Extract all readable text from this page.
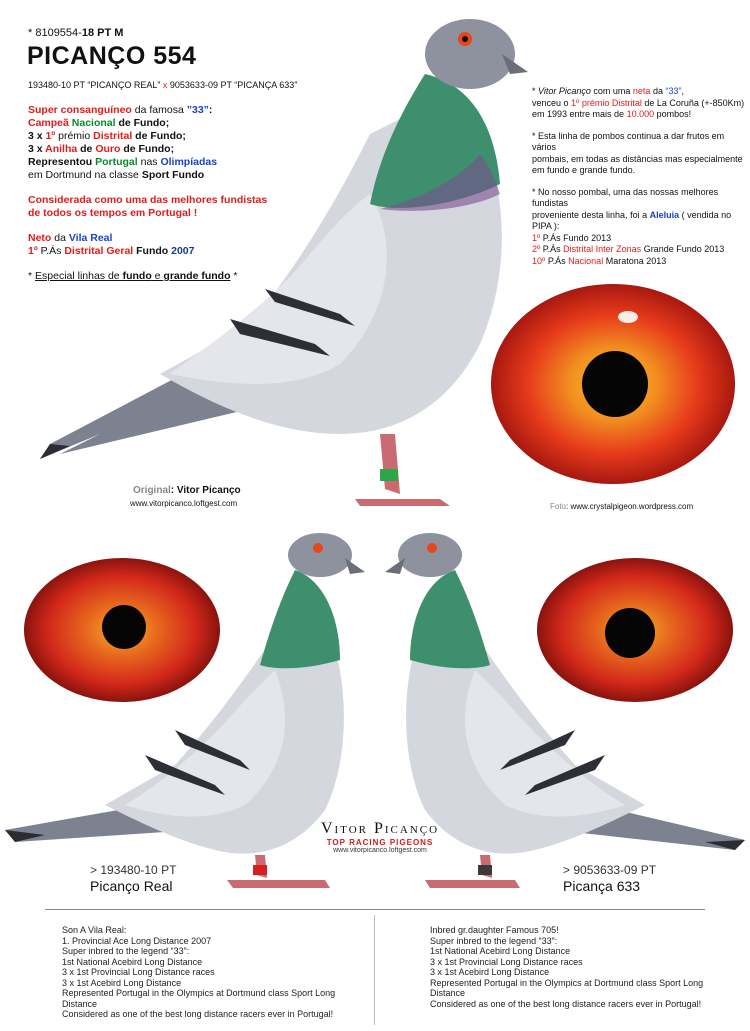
* 8109554-18 PT M
PICANÇO 554
193480-10 PT “PICANÇO REAL” x 9053633-09 PT “PICANÇA 633”

Super consanguíneo da famosa ”33”:

Campeã Nacional de Fundo;

3 x 1º prémio Distrital de Fundo;

3 x Anilha de Ouro de Fundo;

Representou Portugal nas Olimpíadas

em Dortmund na classe Sport Fundo

Considerada como uma das melhores fundistas

de todos os tempos em Portugal !

Neto da Vila Real

1º P.Ás Distrital Geral Fundo 2007

* Especial linhas de fundo e grande fundo *

* Vitor Picanço com uma neta da “33”,

venceu o 1º prémio Distrital de La Coruña (+-850Km)

em 1993 entre mais de 10.000 pombos!

* Esta linha de pombos continua a dar frutos em vários

pombais, em todas as distâncias mas especialmente

em fundo e grande fundo.

* No nosso pombal, uma das nossas melhores fundistas

proveniente desta linha, foi a Aleluia ( vendida no PIPA ):

1º P.Ás Fundo 2013

2º P.Ás Distrital Inter Zonas Grande Fundo 2013

10º P.Ás Nacional Maratona 2013

Original: Vitor Picanço
www.vitorpicanco.loftgest.com	Foto: www.crystalpigeon.wordpress.com
Vitor Picanço
TOP RACING PIGEONS
www.vitorpicanco.loftgest.com
> 193480-10 PT
Picanço Real
> 9053633-09 PT
Picança 633

Son A Vila Real:

1. Provincial Ace Long Distance 2007

Super inbred to the legend “33”:

1st National Acebird Long Distance

3 x 1st Provincial Long Distance races

3 x 1st Acebird Long Distance

Represented Portugal in the Olympics at Dortmund class Sport Long Distance

Considered as one of the best long distance racers ever in Portugal!

Inbred gr.daughter Famous 705!

Super inbred to the legend “33”:

1st National Acebird Long Distance

3 x 1st Provincial Long Distance races

3 x 1st Acebird Long Distance

Represented Portugal in the Olympics at Dortmund class Sport Long Distance

Considered as one of the best long distance racers ever in Portugal!
